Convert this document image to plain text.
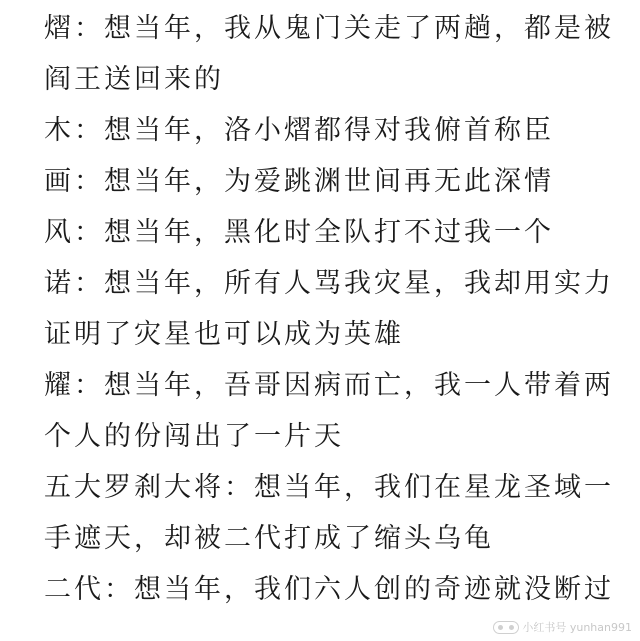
熠：想当年，我从鬼门关走了两趟，都是被
阎王送回来的
木：想当年，洛小熠都得对我俯首称臣
画：想当年，为爱跳渊世间再无此深情
风：想当年，黑化时全队打不过我一个
诺：想当年，所有人骂我灾星，我却用实力
证明了灾星也可以成为英雄
耀：想当年，吾哥因病而亡，我一人带着两
个人的份闯出了一片天
五大罗刹大将：想当年，我们在星龙圣域一
手遮天，却被二代打成了缩头乌龟
二代：想当年，我们六人创的奇迹就没断过
小红书号 yunhan991
